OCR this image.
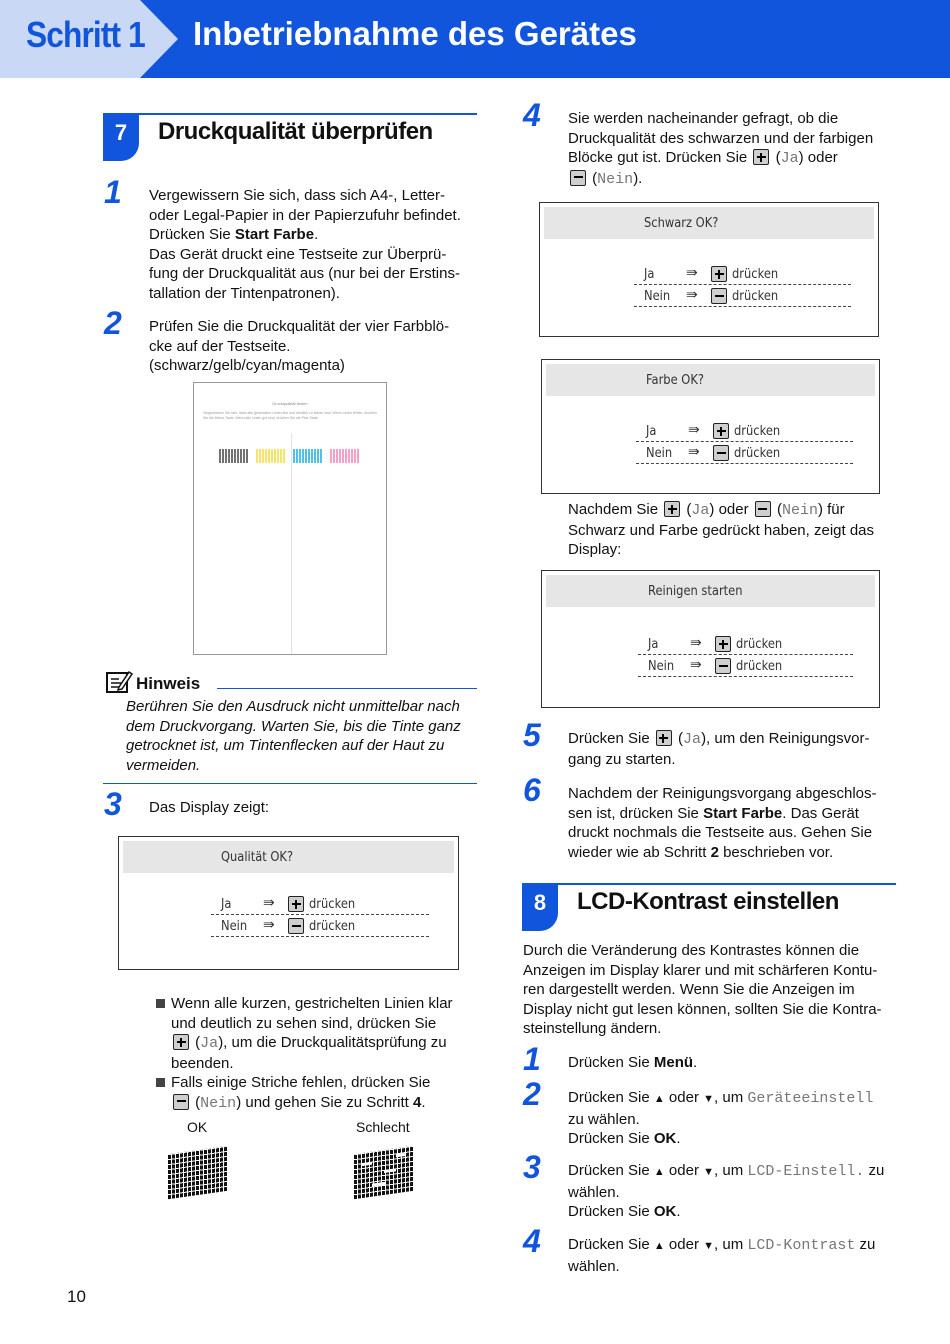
Schritt 1 Inbetriebnahme des Gerätes
7	Druckqualität überprüfen
1 Vergewissern Sie sich, dass sich A4-, Letter-
oder Legal-Papier in der Papierzufuhr befindet.
Drücken Sie Start Farbe.
Das Gerät druckt eine Testseite zur Überprü-
fung der Druckqualität aus (nur bei der Erstins-
tallation der Tintenpatronen).
2 Prüfen Sie die Druckqualität der vier Farbblö-
cke auf der Testseite.
(schwarz/gelb/cyan/magenta)
Druckqualität testen
Vergewissern Sie sich, dass alle gedruckten Linien klar und deutlich zu sehen sind. Wenn Linien fehlen, drücken Sie die Minus-Taste. Wenn alle Linien gut sind, drücken Sie die Plus-Taste.
Hinweis
Berühren Sie den Ausdruck nicht unmittelbar nach
dem Druckvorgang. Warten Sie, bis die Tinte ganz
getrocknet ist, um Tintenflecken auf der Haut zu
vermeiden.
3 Das Display zeigt:
Qualität OK?
Ja ⇛	drücken
Nein ⇛	drücken
Wenn alle kurzen, gestrichelten Linien klar
und deutlich zu sehen sind, drücken Sie
(Ja), um die Druckqualitätsprüfung zu
beenden.
Falls einige Striche fehlen, drücken Sie
(Nein) und gehen Sie zu Schritt 4.
OK	Schlecht
4 Sie werden nacheinander gefragt, ob die
Druckqualität des schwarzen und der farbigen
Blöcke gut ist. Drücken Sie  (Ja) oder
(Nein).
Schwarz OK?
Ja ⇛	drücken
Nein ⇛	drücken
Farbe OK?
Ja ⇛	drücken
Nein ⇛	drücken
Nachdem Sie  (Ja) oder  (Nein) für
Schwarz und Farbe gedrückt haben, zeigt das
Display:
Reinigen starten
Ja ⇛	drücken
Nein ⇛	drücken
5 Drücken Sie  (Ja), um den Reinigungsvor-
gang zu starten.
6 Nachdem der Reinigungsvorgang abgeschlos-
sen ist, drücken Sie Start Farbe. Das Gerät
druckt nochmals die Testseite aus. Gehen Sie
wieder wie ab Schritt 2 beschrieben vor.
8	LCD-Kontrast einstellen
Durch die Veränderung des Kontrastes können die
Anzeigen im Display klarer und mit schärferen Kontu-
ren dargestellt werden. Wenn Sie die Anzeigen im
Display nicht gut lesen können, sollten Sie die Kontra-
steinstellung ändern.
1 Drücken Sie Menü.
2 Drücken Sie ▲ oder ▼, um Geräteeinstell
zu wählen.
Drücken Sie OK.
3 Drücken Sie ▲ oder ▼, um LCD-Einstell. zu
wählen.
Drücken Sie OK.
4 Drücken Sie ▲ oder ▼, um LCD-Kontrast zu
wählen.
10
